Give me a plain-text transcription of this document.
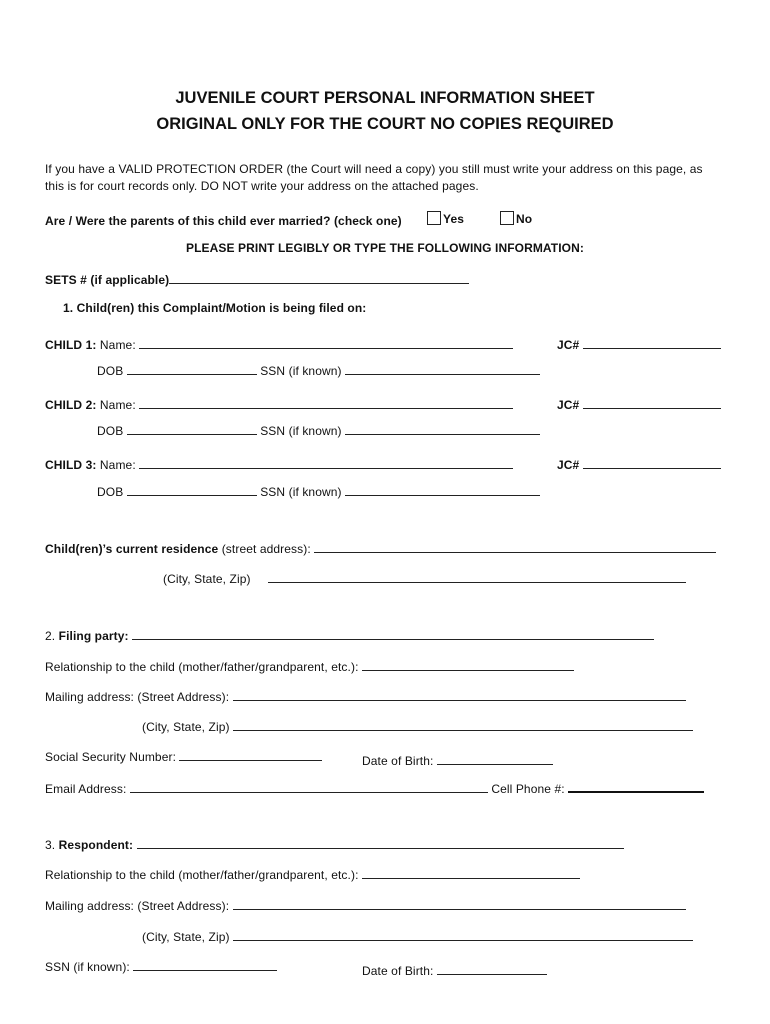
JUVENILE COURT PERSONAL INFORMATION SHEET
ORIGINAL ONLY FOR THE COURT NO COPIES REQUIRED
If you have a VALID PROTECTION ORDER (the Court will need a copy) you still must write your address on this page, as
this is for court records only. DO NOT write your address on the attached pages.
Are / Were the parents of this child ever married? (check one)	Yes	No
PLEASE PRINT LEGIBLY OR TYPE THE FOLLOWING INFORMATION:
SETS # (if applicable)
1. Child(ren) this Complaint/Motion is being filed on:
CHILD 1: Name:	JC#
DOB	SSN (if known)
CHILD 2: Name:	JC#
DOB	SSN (if known)
CHILD 3: Name:	JC#
DOB	SSN (if known)
Child(ren)’s current residence (street address):
(City, State, Zip)
2. Filing party:
Relationship to the child (mother/father/grandparent, etc.):
Mailing address: (Street Address):
(City, State, Zip)
Social Security Number:	Date of Birth:
Email Address:	Cell Phone #:
3. Respondent:
Relationship to the child (mother/father/grandparent, etc.):
Mailing address: (Street Address):
(City, State, Zip)
SSN (if known):	Date of Birth:
